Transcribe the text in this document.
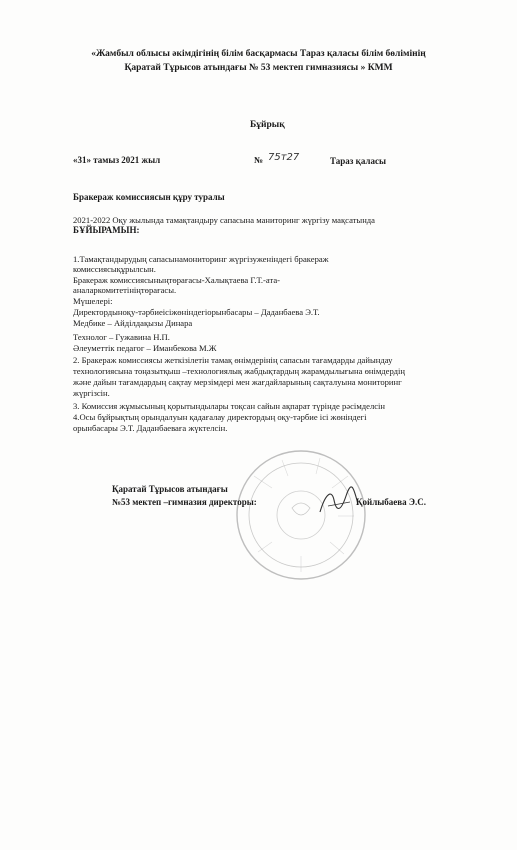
«Жамбыл облысы әкімдігінің білім басқармасы Тараз қаласы білім бөлімінің
Қаратай Тұрысов атындағы № 53 мектеп гимназиясы » КММ
Бұйрық
«31» тамыз 2021 жыл	№ 75т27	Тараз қаласы
Бракераж комиссиясын құру туралы
2021-2022 Оқу жылында тамақтандыру сапасына маниторинг жүргізу мақсатында
БҰЙЫРАМЫН:
1.Тамақтандырудың сапасынамониторинг жүргізуженіндегі бракераж
комиссиясықұрылсын.
Бракераж комиссиясыныңтөрағасы-Халықтаева Г.Т.-ата-
аналаркомитетініңтөрағасы.
Мүшелері:
Директордыноқу-тәрбиеісіжөніндегіорынбасары – Даданбаева Э.Т.
Медбике – Айділдақызы Динара
Технолог – Гужавина Н.П.
Әлеуметтік педагог – Иманбекова М.Ж
2. Бракераж комиссиясы жеткізілетін тамақ өнімдерінің сапасын тағамдарды дайындау
технологиясына тоңазытқыш –технологиялық жабдықтардың жарамдылығына өнімдердің
және дайын тағамдардың сақтау мерзімдері мен жағдайларының сақталуына мониторинг
жүргізсін.
3. Комиссия жұмысының қорытындылары тоқсан сайын ақпарат түрінде рәсімделсін
4.Осы бұйрықтың орындалуын қадағалау директордың оқу-тәрбие ісі жөніндегі
орынбасары Э.Т. Даданбаеваға жүктелсін.
Қаратай Тұрысов атындағы
№53 мектеп –гимназия директоры:	Қойлыбаева Э.С.
